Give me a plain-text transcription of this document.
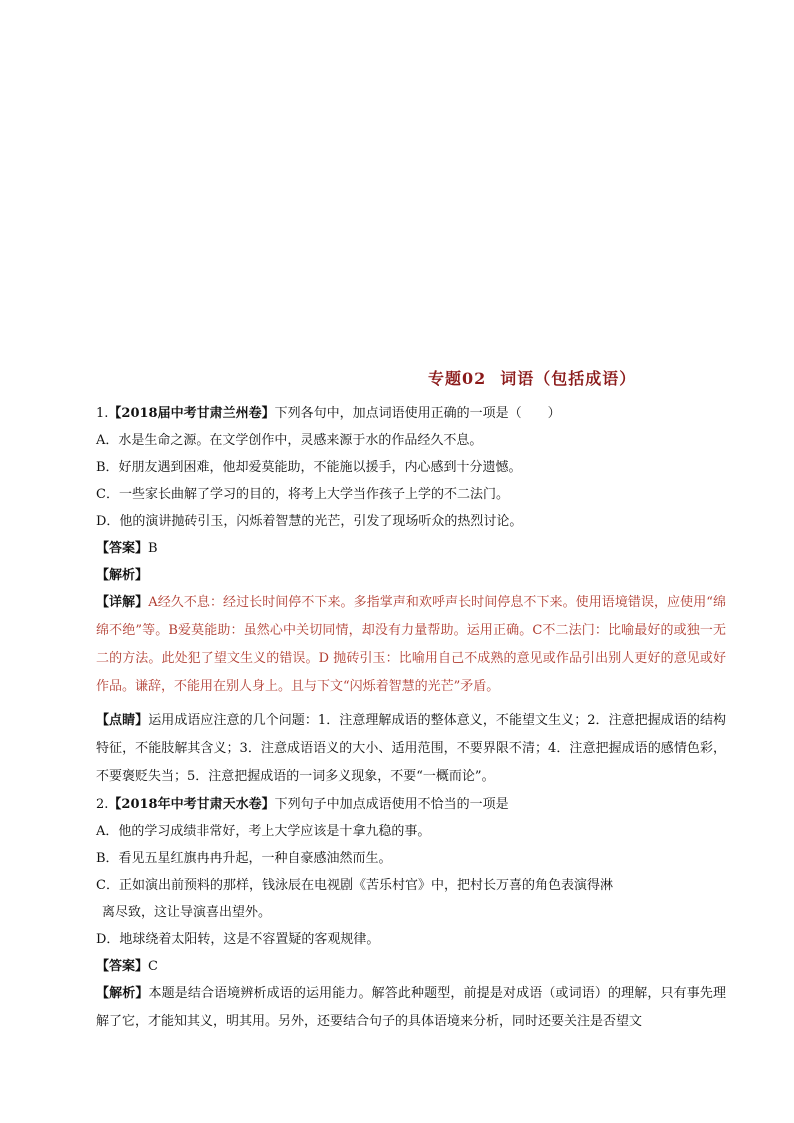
专题02 词语（包括成语）
1.【2018届中考甘肃兰州卷】下列各句中，加点词语使用正确的一项是（　　）
A．水是生命之源。在文学创作中，灵感来源于水的作品经久不息。
B．好朋友遇到困难，他却爱莫能助，不能施以援手，内心感到十分遗憾。
C．一些家长曲解了学习的目的，将考上大学当作孩子上学的不二法门。
D．他的演讲抛砖引玉，闪烁着智慧的光芒，引发了现场听众的热烈讨论。
【答案】B
【解析】
【详解】A经久不息：经过长时间停不下来。多指掌声和欢呼声长时间停息不下来。使用语境错误，应使用“绵绵不绝”等。B爱莫能助：虽然心中关切同情，却没有力量帮助。运用正确。C不二法门：比喻最好的或独一无二的方法。此处犯了望文生义的错误。D 抛砖引玉：比喻用自己不成熟的意见或作品引出别人更好的意见或好作品。谦辞，不能用在别人身上。且与下文“闪烁着智慧的光芒”矛盾。
【点睛】运用成语应注意的几个问题：1．注意理解成语的整体意义，不能望文生义；2．注意把握成语的结构特征，不能肢解其含义；3．注意成语语义的大小、适用范围，不要界限不清；4．注意把握成语的感情色彩，不要褒贬失当；5．注意把握成语的一词多义现象，不要“一概而论”。
2.【2018年中考甘肃天水卷】下列句子中加点成语使用不恰当的一项是
A．他的学习成绩非常好，考上大学应该是十拿九稳的事。
B．看见五星红旗冉冉升起，一种自豪感油然而生。
C．正如演出前预料的那样，钱泳辰在电视剧《苦乐村官》中，把村长万喜的角色表演得淋
离尽致，这让导演喜出望外。
D．地球绕着太阳转，这是不容置疑的客观规律。
【答案】C
【解析】本题是结合语境辨析成语的运用能力。解答此种题型，前提是对成语（或词语）的理解，只有事先理解了它，才能知其义，明其用。另外，还要结合句子的具体语境来分析，同时还要关注是否望文
